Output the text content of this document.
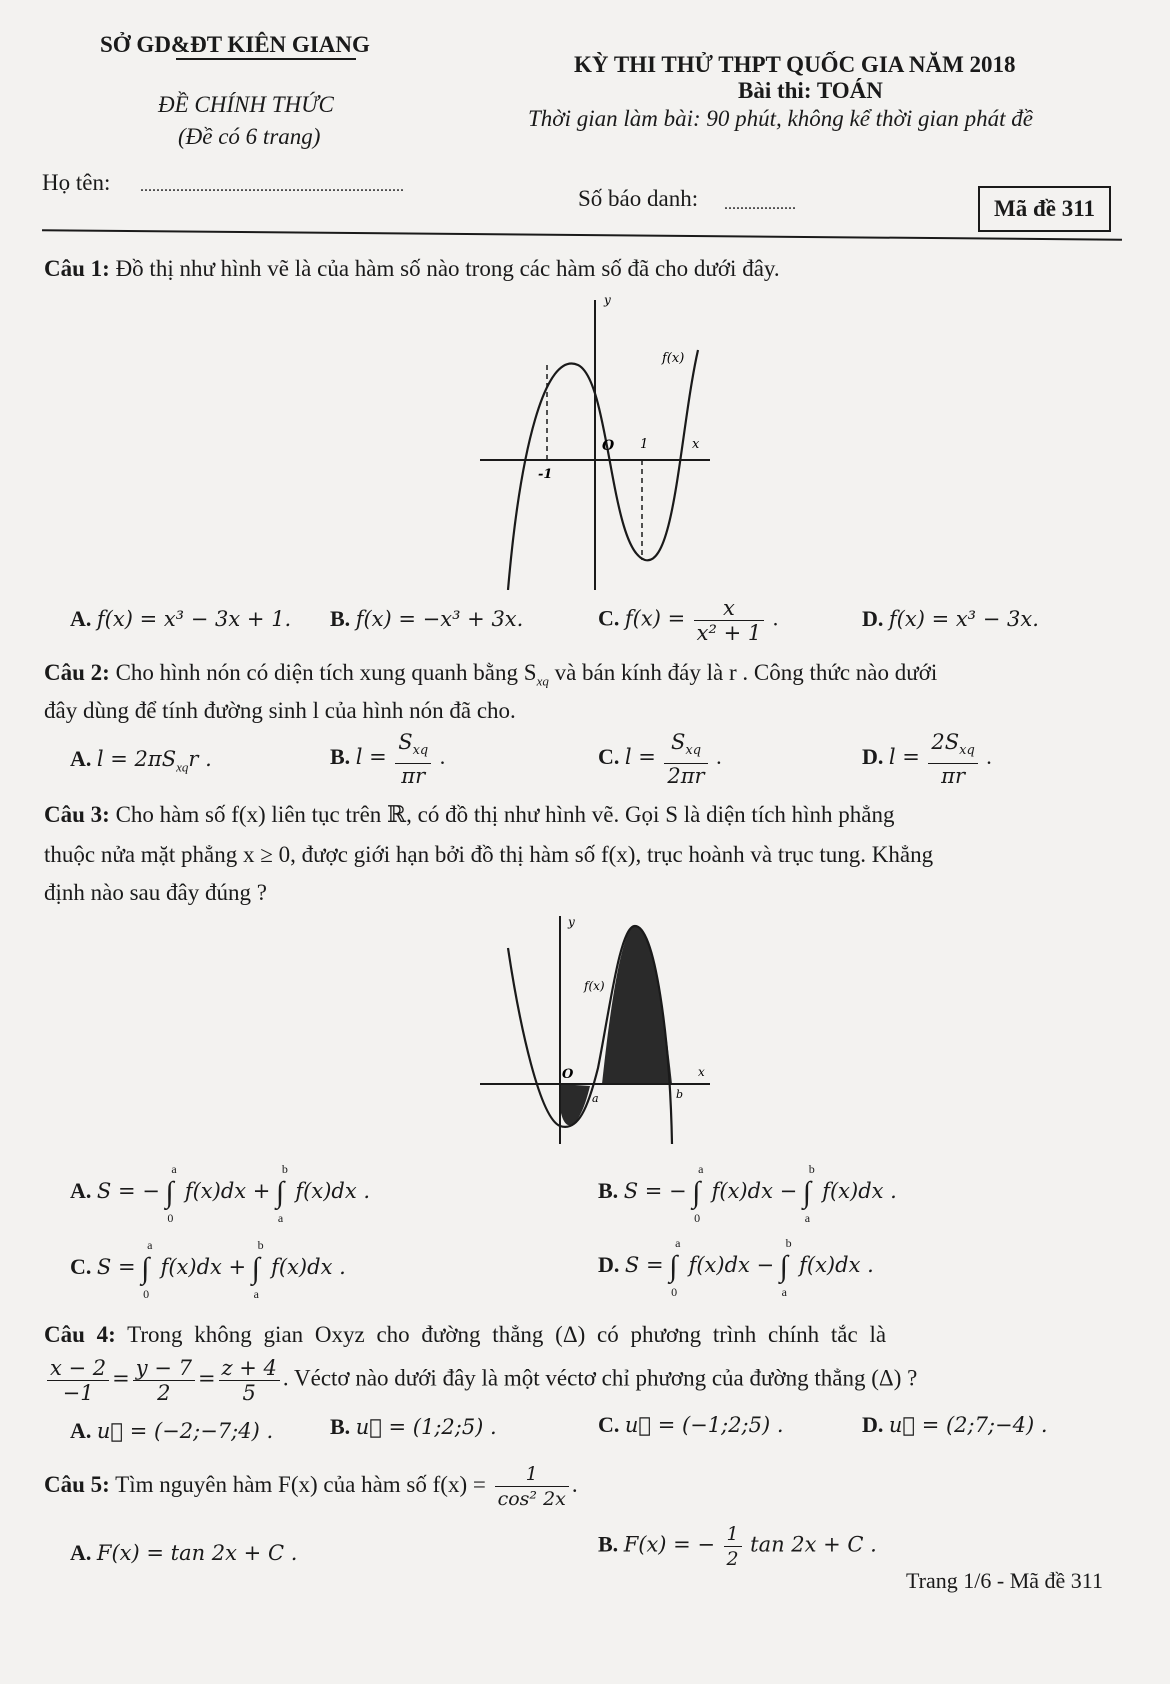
SỞ GD&ĐT KIÊN GIANG
ĐỀ CHÍNH THỨC
(Đề có 6 trang)
KỲ THI THỬ THPT QUỐC GIA NĂM 2018
Bài thi: TOÁN
Thời gian làm bài: 90 phút, không kể thời gian phát đề
Họ tên: ..................................................................	Số báo danh: ..................	Mã đề 311
Câu 1: Đồ thị như hình vẽ là của hàm số nào trong các hàm số đã cho dưới đây.
y
O 1	x
-1
f(x)
A. f(x) = x³ − 3x + 1. B. f(x) = −x³ + 3x.	C. $f(x) = \frac{x}{\text{x² + 1}}$ .	D. f(x) = x³ − 3x.
Câu 2: Cho hình nón có diện tích xung quanh bằng $S_{xq}$ và bán kính đáy là r . Công thức nào dưới
đây dùng để tính đường sinh l của hình nón đã cho.
A. $l = 2\pi S_{xq}r$ .	B. $l = \frac{S_{xq}}{\pi r}$ .	C. $l = \frac{S_{xq}}{2\pi r}$ .	D. $l = \frac{2S_{xq}}{\pi r}$ .
Câu 3: Cho hàm số f(x) liên tục trên ℝ, có đồ thị như hình vẽ. Gọi S là diện tích hình phẳng
thuộc nửa mặt phẳng x ≥ 0, được giới hạn bởi đồ thị hàm số f(x), trục hoành và trục tung. Khẳng
định nào sau đây đúng ?
y
O
a	b
x
f(x)
A. S = −
a
∫
0
f(x)dx +
b
∫
a
f(x)dx .	B. S = −
a
∫
0
f(x)dx −
b
∫
a
f(x)dx .
C. S =
a
∫
0
f(x)dx +
b
∫
a
f(x)dx .	D. S =
a
∫
0
f(x)dx −
b
∫
a
f(x)dx .
Câu 4: Trong không gian Oxyz cho đường thẳng (Δ) có phương trình chính tắc là
$\frac{x - 2}{-1} = \frac{y - 7}{2} = \frac{z + 4}{5}$ . Véctơ nào dưới đây là một véctơ chỉ phương của đường thẳng (Δ) ?
A. u⃗ = (−2;−7;4) .	B. u⃗ = (1;2;5) .	C. u⃗ = (−1;2;5) .	D. u⃗ = (2;7;−4) .
Câu 5: Tìm nguyên hàm F(x) của hàm số $f(x) = \frac{1}{\text{cos² 2x}}$ .
A. F(x) = tan 2x + C .	B. F(x) = − $\frac{1}{2}$ tan 2x + C .
Trang 1/6 - Mã đề 311
